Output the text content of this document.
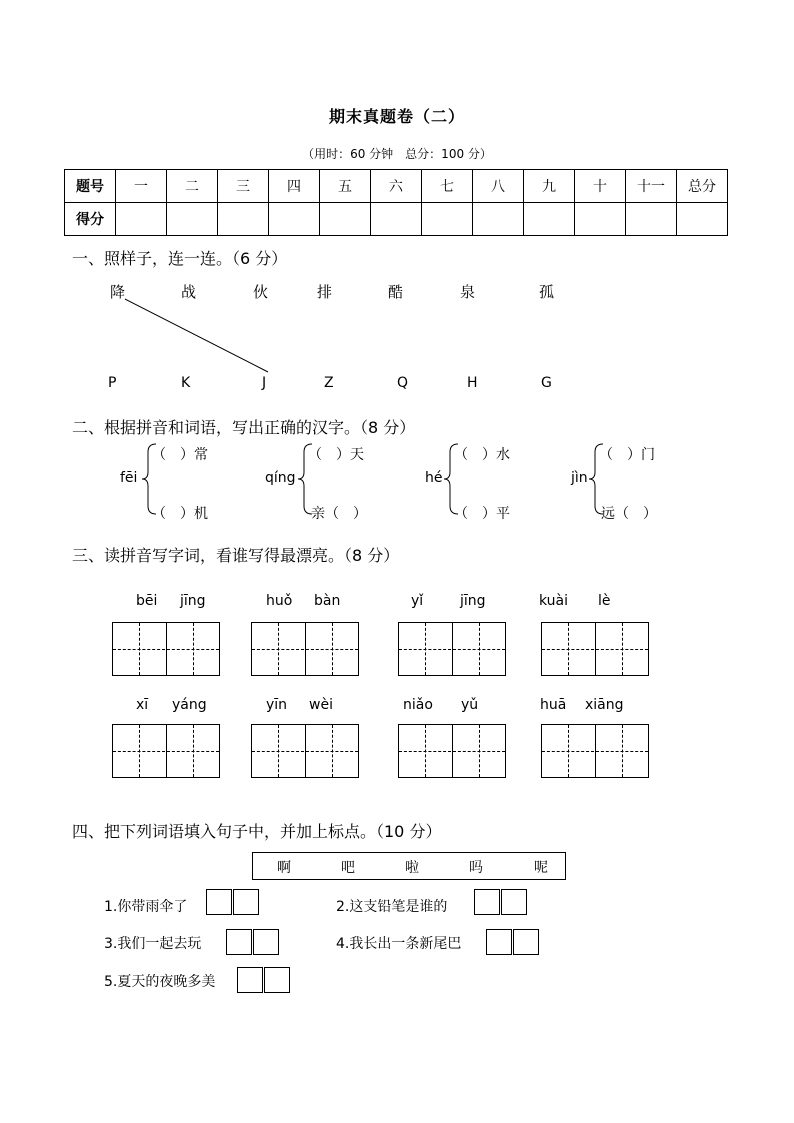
期末真题卷（二）
（用时：60 分钟　总分：100 分）
题号	一	二	三	四	五	六	七	八	九	十	十一	总分
得分												
一、照样子，连一连。（6 分）
降	战	伙	排	酷	泉	孤
P	K	J	Z	Q	H	G
二、根据拼音和词语，写出正确的汉字。（8 分）
fēi
（　）常
（　）机
qíng
（　）天
亲（　）
hé
（　）水
（　）平
jìn
（　）门
远（　）
三、读拼音写字词，看谁写得最漂亮。（8 分）
bēi jīng	huǒ bàn	yǐ	jīng	kuài lè
xī yáng	yīn wèi	niǎo yǔ	huā xiāng
四、把下列词语填入句子中，并加上标点。（10 分）
啊	吧	啦	吗	呢
1.你带雨伞了	2.这支铅笔是谁的
3.我们一起去玩	4.我长出一条新尾巴
5.夏天的夜晚多美
